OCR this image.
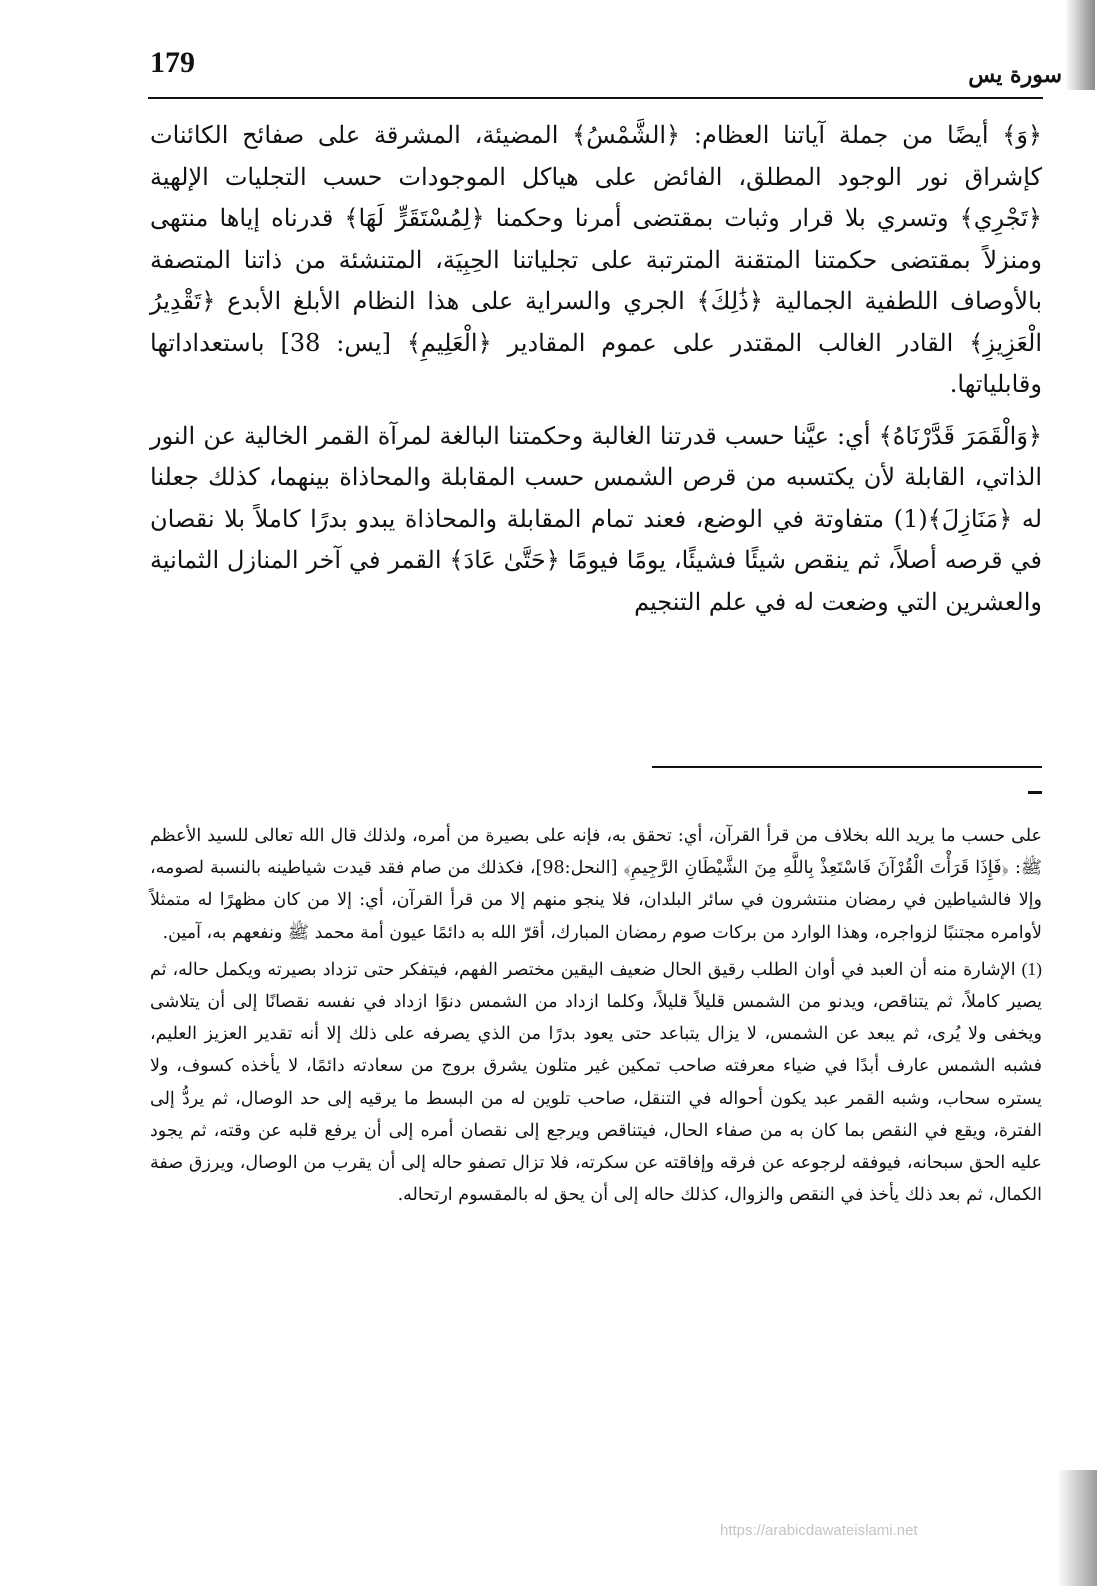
179	سورة يس

﴿وَ﴾ أيضًا من جملة آياتنا العظام: ﴿الشَّمْسُ﴾ المضيئة، المشرقة على صفائح الكائنات كإشراق نور الوجود المطلق، الفائض على هياكل الموجودات حسب التجليات الإلهية ﴿تَجْرِي﴾ وتسري بلا قرار وثبات بمقتضى أمرنا وحكمنا ﴿لِمُسْتَقَرٍّ لَهَا﴾ قدرناه إياها منتهى ومنزلاً بمقتضى حكمتنا المتقنة المترتبة على تجلياتنا الحِبِيَة، المتنشئة من ذاتنا المتصفة بالأوصاف اللطفية الجمالية ﴿ذَٰلِكَ﴾ الجري والسراية على هذا النظام الأبلغ الأبدع ﴿تَقْدِيرُ الْعَزِيزِ﴾ القادر الغالب المقتدر على عموم المقادير ﴿الْعَلِيمِ﴾ [يس: 38] باستعداداتها وقابلياتها.

﴿وَالْقَمَرَ قَدَّرْنَاهُ﴾ أي: عيَّنا حسب قدرتنا الغالبة وحكمتنا البالغة لمرآة القمر الخالية عن النور الذاتي، القابلة لأن يكتسبه من قرص الشمس حسب المقابلة والمحاذاة بينهما، كذلك جعلنا له ﴿مَنَازِلَ﴾(1) متفاوتة في الوضع، فعند تمام المقابلة والمحاذاة يبدو بدرًا كاملاً بلا نقصان في قرصه أصلاً، ثم ينقص شيئًا فشيئًا، يومًا فيومًا ﴿حَتَّىٰ عَادَ﴾ القمر في آخر المنازل الثمانية والعشرين التي وضعت له في علم التنجيم

على حسب ما يريد الله بخلاف من قرأ القرآن، أي: تحقق به، فإنه على بصيرة من أمره، ولذلك قال الله تعالى للسيد الأعظم ﷺ: ﴿فَإِذَا قَرَأْتَ الْقُرْآنَ فَاسْتَعِذْ بِاللَّهِ مِنَ الشَّيْطَانِ الرَّجِيمِ﴾ [النحل:98]، فكذلك من صام فقد قيدت شياطينه بالنسبة لصومه، وإلا فالشياطين في رمضان منتشرون في سائر البلدان، فلا ينجو منهم إلا من قرأ القرآن، أي: إلا من كان مظهرًا له متمثلاً لأوامره مجتنبًا لزواجره، وهذا الوارد من بركات صوم رمضان المبارك، أقرّ الله به دائمًا عيون أمة محمد ﷺ ونفعهم به، آمين.

(1) الإشارة منه أن العبد في أوان الطلب رقيق الحال ضعيف اليقين مختصر الفهم، فيتفكر حتى تزداد بصيرته ويكمل حاله، ثم يصير كاملاً، ثم يتناقص، ويدنو من الشمس قليلاً قليلاً، وكلما ازداد من الشمس دنوًا ازداد في نفسه نقصانًا إلى أن يتلاشى ويخفى ولا يُرى، ثم يبعد عن الشمس، لا يزال يتباعد حتى يعود بدرًا من الذي يصرفه على ذلك إلا أنه تقدير العزيز العليم، فشبه الشمس عارف أبدًا في ضياء معرفته صاحب تمكين غير متلون يشرق بروج من سعادته دائمًا، لا يأخذه كسوف، ولا يستره سحاب، وشبه القمر عبد يكون أحواله في التنقل، صاحب تلوين له من البسط ما يرقيه إلى حد الوصال، ثم يردُّ إلى الفترة، ويقع في النقص بما كان به من صفاء الحال، فيتناقص ويرجع إلى نقصان أمره إلى أن يرفع قلبه عن وقته، ثم يجود عليه الحق سبحانه، فيوفقه لرجوعه عن فرقه وإفاقته عن سكرته، فلا تزال تصفو حاله إلى أن يقرب من الوصال، ويرزق صفة الكمال، ثم بعد ذلك يأخذ في النقص والزوال، كذلك حاله إلى أن يحق له بالمقسوم ارتحاله.

https://arabicdawateislami.net
